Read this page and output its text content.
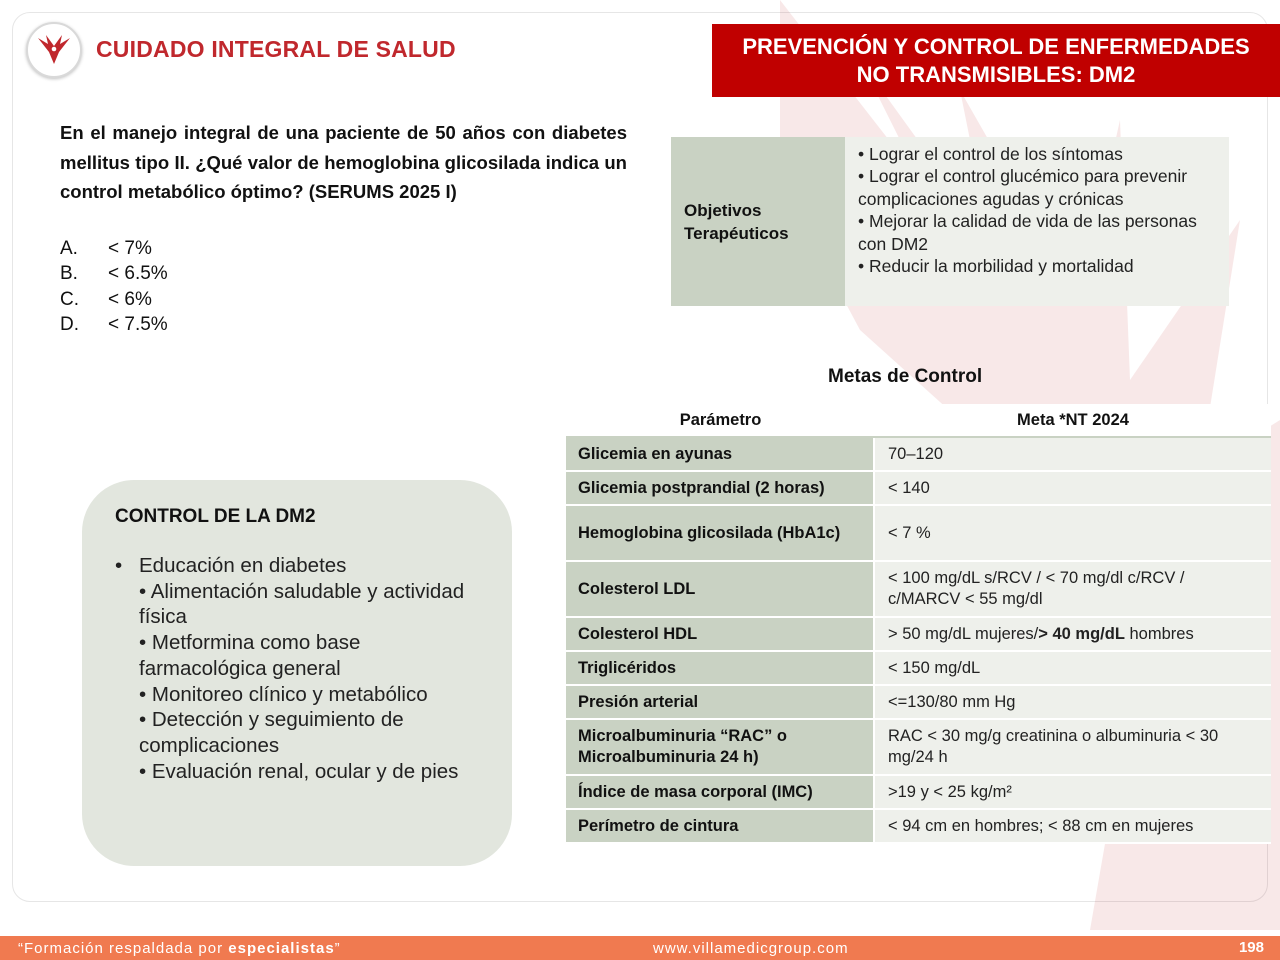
CUIDADO INTEGRAL DE SALUD	PREVENCIÓN Y CONTROL DE ENFERMEDADES
NO TRANSMISIBLES: DM2
En el manejo integral de una paciente de 50 años con diabetes mellitus tipo II. ¿Qué valor de hemoglobina glicosilada indica un control metabólico óptimo? (SERUMS 2025 I)
A.	< 7%
B.	< 6.5%
C.	< 6%
D.	< 7.5%
Objetivos
Terapéuticos
• Lograr el control de los síntomas
• Lograr el control glucémico para prevenir complicaciones agudas y crónicas
• Mejorar la calidad de vida de las personas con DM2
• Reducir la morbilidad y mortalidad
CONTROL DE LA DM2
• Educación en diabetes
• Alimentación saludable y actividad física
• Metformina como base farmacológica general
• Monitoreo clínico y metabólico
• Detección y seguimiento de complicaciones
• Evaluación renal, ocular y de pies
Metas de Control
Parámetro	Meta *NT 2024
Glicemia en ayunas	70–120
Glicemia postprandial (2 horas)	< 140
Hemoglobina glicosilada (HbA1c)	< 7 %
Colesterol LDL	< 100 mg/dL s/RCV / < 70 mg/dl c/RCV / c/MARCV < 55 mg/dl
Colesterol HDL	> 50 mg/dL mujeres/> 40 mg/dL hombres
Triglicéridos	< 150 mg/dL
Presión arterial	<=130/80 mm Hg
Microalbuminuria “RAC” o Microalbuminuria 24 h)	RAC < 30 mg/g creatinina o albuminuria < 30 mg/24 h
Índice de masa corporal (IMC)	>19 y < 25 kg/m²
Perímetro de cintura	< 94 cm en hombres; < 88 cm en mujeres
“Formación respaldada por especialistas”	www.villamedicgroup.com	198
